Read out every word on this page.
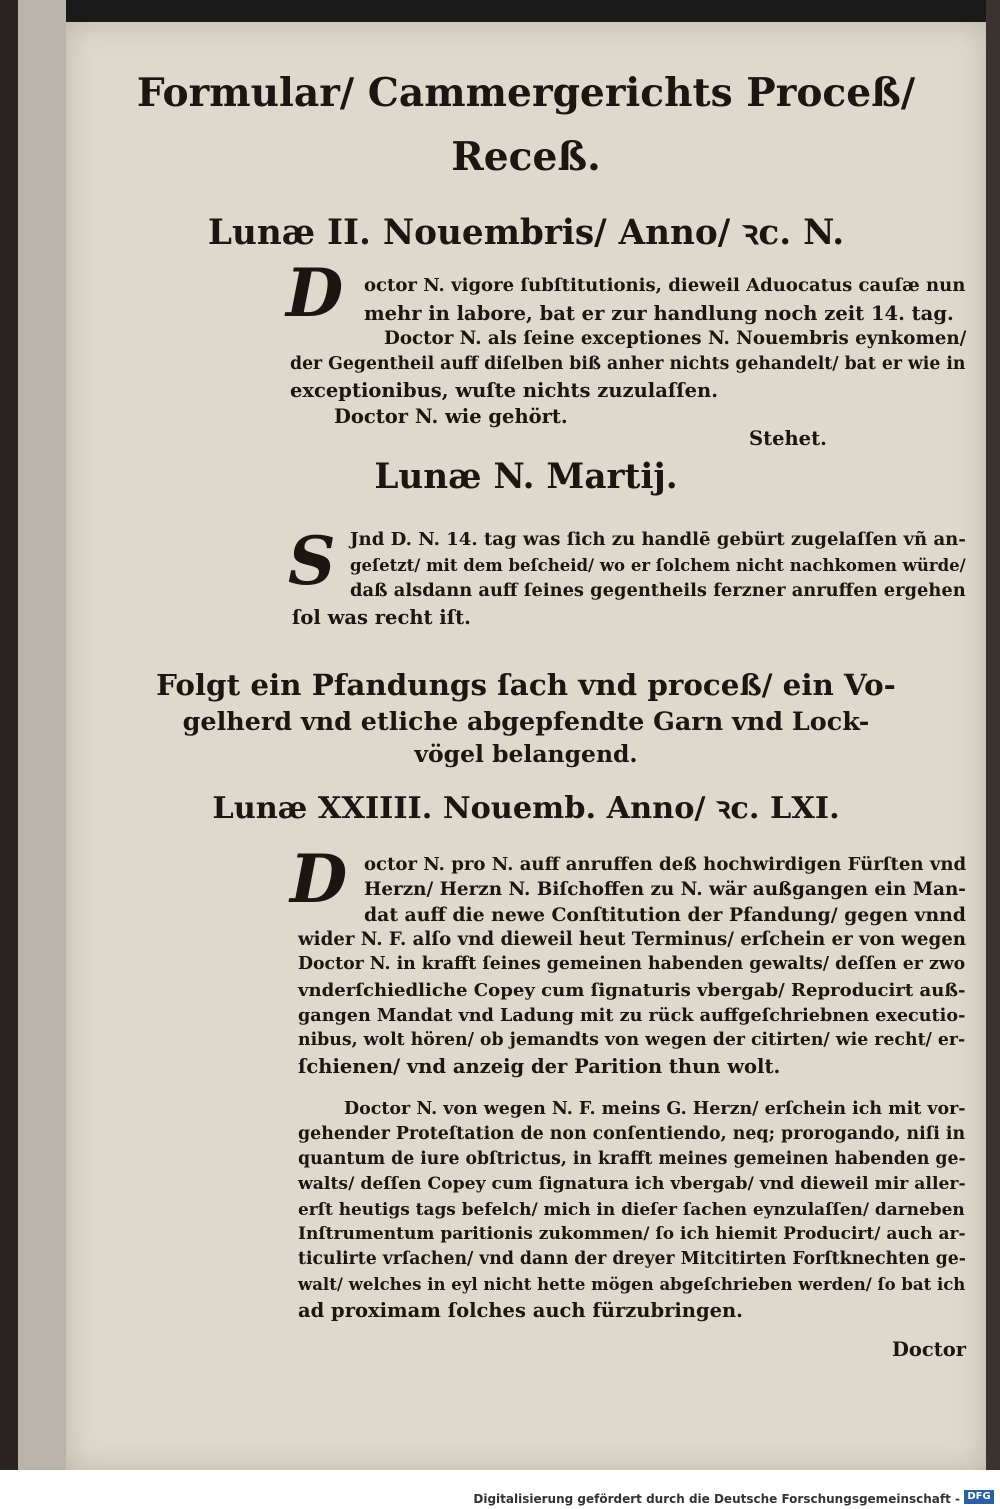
Formular/ Cammergerichts Proceß/
Receß.
Lunæ II. Nouembris/ Anno/ ꝛc. N.
D octor N. vigore ſubſtitutionis, dieweil Aduocatus cauſæ nun
mehr in labore, bat er zur handlung noch zeit 14. tag.
Doctor N. als ſeine exceptiones N. Nouembris eynkomen/
der Gegentheil auff diſelben biß anher nichts gehandelt/ bat er wie in
exceptionibus, wuſte nichts zuzulaſſen.
Doctor N. wie gehört.
Stehet.
Lunæ N. Martij.
S Jnd D. N. 14. tag was ſich zu handlē gebürt zugelaſſen vñ an-
geſetzt/ mit dem beſcheid/ wo er ſolchem nicht nachkomen würde/
daß alsdann auff ſeines gegentheils ferzner anruffen ergehen
ſol was recht iſt.
Folgt ein Pfandungs ſach vnd proceß/ ein Vo-
gelherd vnd etliche abgepfendte Garn vnd Lock-
vögel belangend.
Lunæ XXIIII. Nouemb. Anno/ ꝛc. LXI.
D octor N. pro N. auff anruffen deß hochwirdigen Fürſten vnd
Herzn/ Herzn N. Biſchoffen zu N. wär außgangen ein Man-
dat auff die newe Conſtitution der Pfandung/ gegen vnnd
wider N. F. alſo vnd dieweil heut Terminus/ erſchein er von wegen
Doctor N. in krafft ſeines gemeinen habenden gewalts/ deſſen er zwo
vnderſchiedliche Copey cum ſignaturis vbergab/ Reproducirt auß-
gangen Mandat vnd Ladung mit zu rück auffgeſchriebnen executio-
nibus, wolt hören/ ob jemandts von wegen der citirten/ wie recht/ er-
ſchienen/ vnd anzeig der Parition thun wolt.
Doctor N. von wegen N. F. meins G. Herzn/ erſchein ich mit vor-
gehender Proteſtation de non conſentiendo, neq; prorogando, niſi in
quantum de iure obſtrictus, in krafft meines gemeinen habenden ge-
walts/ deſſen Copey cum ſignatura ich vbergab/ vnd dieweil mir aller-
erſt heutigs tags befelch/ mich in dieſer ſachen eynzulaſſen/ darneben
Inſtrumentum paritionis zukommen/ ſo ich hiemit Producirt/ auch ar-
ticulirte vrſachen/ vnd dann der dreyer Mitcitirten Forſtknechten ge-
walt/ welches in eyl nicht hette mögen abgeſchrieben werden/ ſo bat ich
ad proximam ſolches auch fürzubringen.
Doctor
Digitalisierung gefördert durch die Deutsche Forschungsgemeinschaft - DFG
